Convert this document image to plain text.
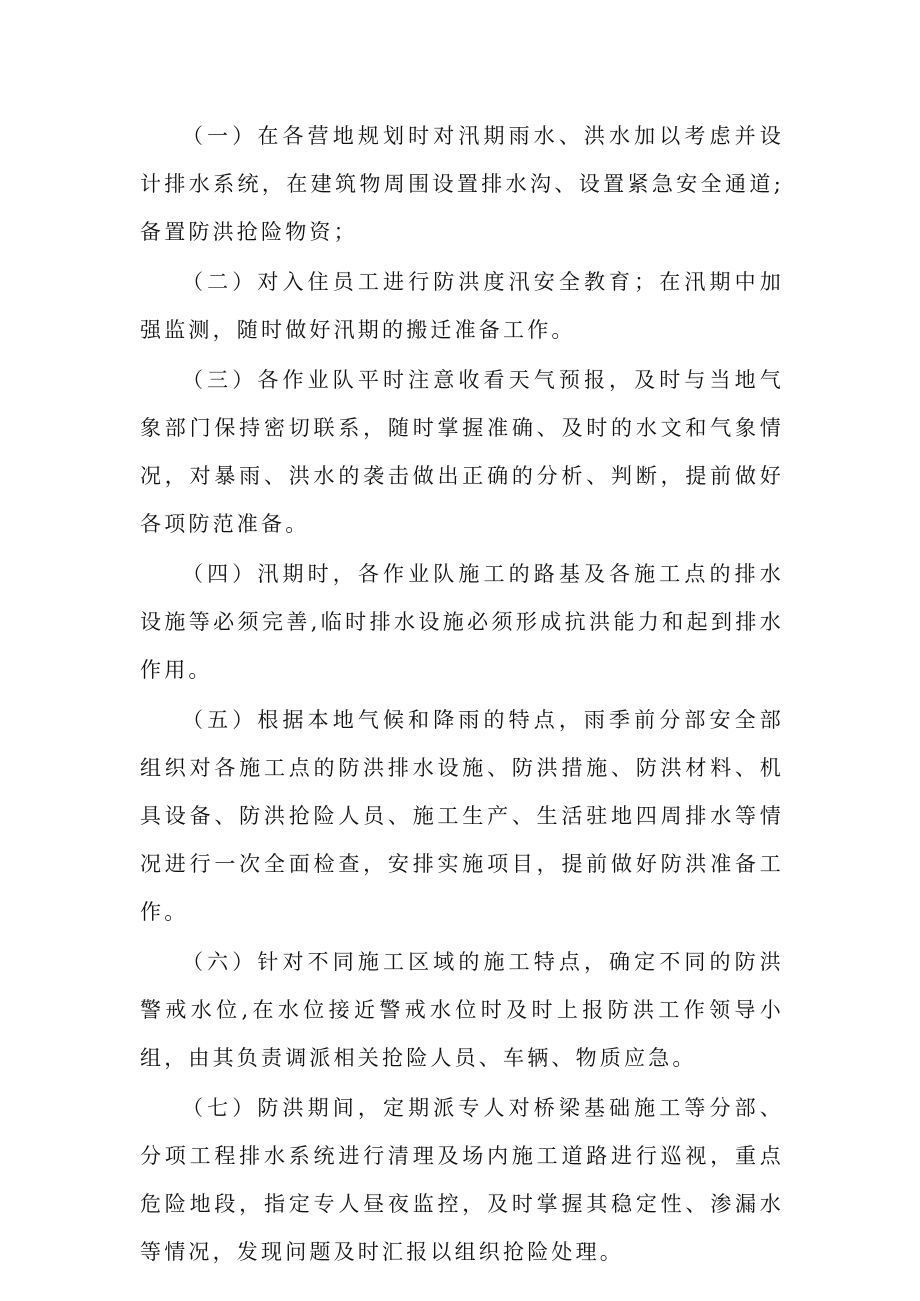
（一）在各营地规划时对汛期雨水、洪水加以考虑并设计排水系统，在建筑物周围设置排水沟、设置紧急安全通道;备置防洪抢险物资；

（二）对入住员工进行防洪度汛安全教育；在汛期中加强监测，随时做好汛期的搬迁准备工作。

（三）各作业队平时注意收看天气预报，及时与当地气象部门保持密切联系，随时掌握准确、及时的水文和气象情况，对暴雨、洪水的袭击做出正确的分析、判断，提前做好各项防范准备。

（四）汛期时，各作业队施工的路基及各施工点的排水设施等必须完善,临时排水设施必须形成抗洪能力和起到排水作用。

（五）根据本地气候和降雨的特点，雨季前分部安全部组织对各施工点的防洪排水设施、防洪措施、防洪材料、机具设备、防洪抢险人员、施工生产、生活驻地四周排水等情况进行一次全面检查，安排实施项目，提前做好防洪准备工作。

（六）针对不同施工区域的施工特点，确定不同的防洪警戒水位,在水位接近警戒水位时及时上报防洪工作领导小组，由其负责调派相关抢险人员、车辆、物质应急。

（七）防洪期间，定期派专人对桥梁基础施工等分部、分项工程排水系统进行清理及场内施工道路进行巡视，重点危险地段，指定专人昼夜监控，及时掌握其稳定性、渗漏水等情况，发现问题及时汇报以组织抢险处理。
